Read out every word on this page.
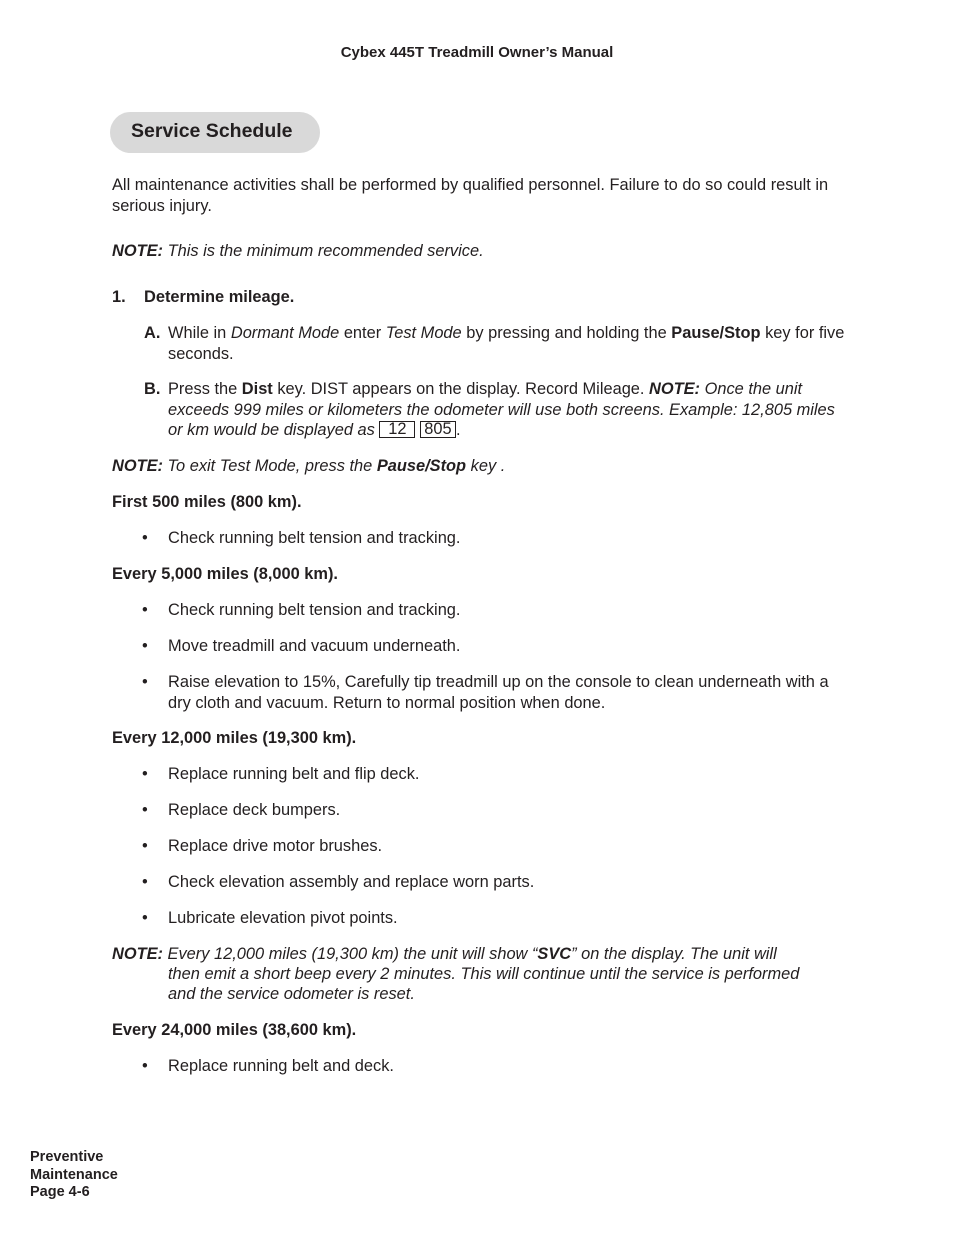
Cybex 445T Treadmill Owner’s Manual
Service Schedule
All maintenance activities shall be performed by qualified personnel. Failure to do so could result in serious injury.
NOTE: This is the minimum recommended service.
1. Determine mileage.
A. While in Dormant Mode enter Test Mode by pressing and holding the Pause/Stop key for five seconds.
B. Press the Dist key. DIST appears on the display. Record Mileage. NOTE: Once the unit exceeds 999 miles or kilometers the odometer will use both screens. Example: 12,805 miles or km would be displayed as 12 805 .
NOTE: To exit Test Mode, press the Pause/Stop key .
First 500 miles (800 km).
• Check running belt tension and tracking.
Every 5,000 miles (8,000 km).
• Check running belt tension and tracking.
• Move treadmill and vacuum underneath.
• Raise elevation to 15%, Carefully tip treadmill up on the console to clean underneath with a dry cloth and vacuum. Return to normal position when done.
Every 12,000 miles (19,300 km).
• Replace running belt and flip deck.
• Replace deck bumpers.
• Replace drive motor brushes.
• Check elevation assembly and replace worn parts.
• Lubricate elevation pivot points.
NOTE: Every 12,000 miles (19,300 km) the unit will show “SVC” on the display. The unit will
then emit a short beep every 2 minutes. This will continue until the service is performed
and the service odometer is reset.
Every 24,000 miles (38,600 km).
• Replace running belt and deck.
Preventive
Maintenance
Page 4-6
